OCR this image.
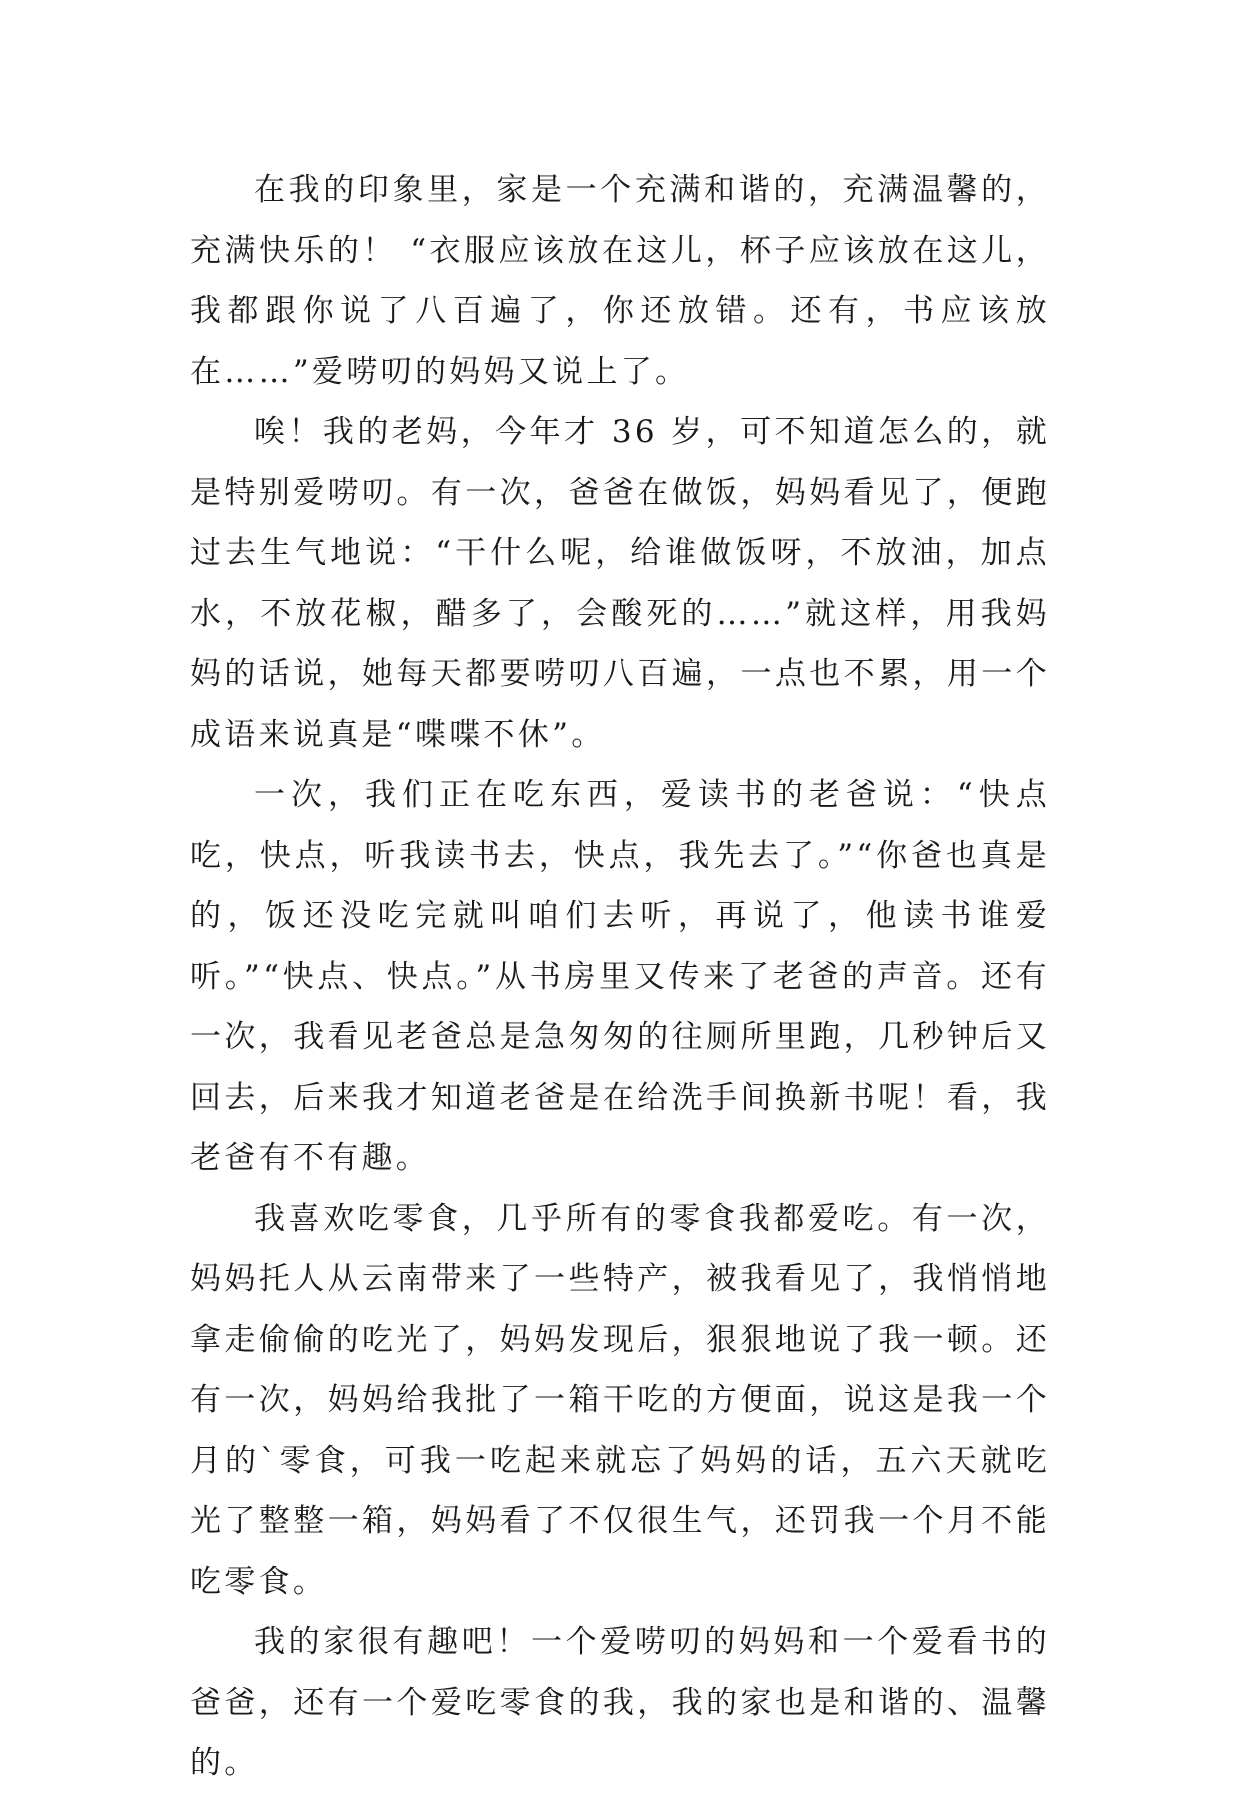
在我的印象里，家是一个充满和谐的，充满温馨的，充满快乐的！ “衣服应该放在这儿，杯子应该放在这儿，我都跟你说了八百遍了，你还放错。还有，书应该放在……”爱唠叨的妈妈又说上了。

唉！我的老妈，今年才 36 岁，可不知道怎么的，就是特别爱唠叨。有一次，爸爸在做饭，妈妈看见了，便跑过去生气地说：“干什么呢，给谁做饭呀，不放油，加点水，不放花椒，醋多了，会酸死的……”就这样，用我妈妈的话说，她每天都要唠叨八百遍，一点也不累，用一个成语来说真是“喋喋不休”。

一次，我们正在吃东西，爱读书的老爸说：“快点吃，快点，听我读书去，快点，我先去了。”“你爸也真是的，饭还没吃完就叫咱们去听，再说了，他读书谁爱听。”“快点、快点。”从书房里又传来了老爸的声音。还有一次，我看见老爸总是急匆匆的往厕所里跑，几秒钟后又回去，后来我才知道老爸是在给洗手间换新书呢！看，我老爸有不有趣。

我喜欢吃零食，几乎所有的零食我都爱吃。有一次，妈妈托人从云南带来了一些特产，被我看见了，我悄悄地拿走偷偷的吃光了，妈妈发现后，狠狠地说了我一顿。还有一次，妈妈给我批了一箱干吃的方便面，说这是我一个月的`零食，可我一吃起来就忘了妈妈的话，五六天就吃光了整整一箱，妈妈看了不仅很生气，还罚我一个月不能吃零食。

我的家很有趣吧！一个爱唠叨的妈妈和一个爱看书的爸爸，还有一个爱吃零食的我，我的家也是和谐的、温馨的。
